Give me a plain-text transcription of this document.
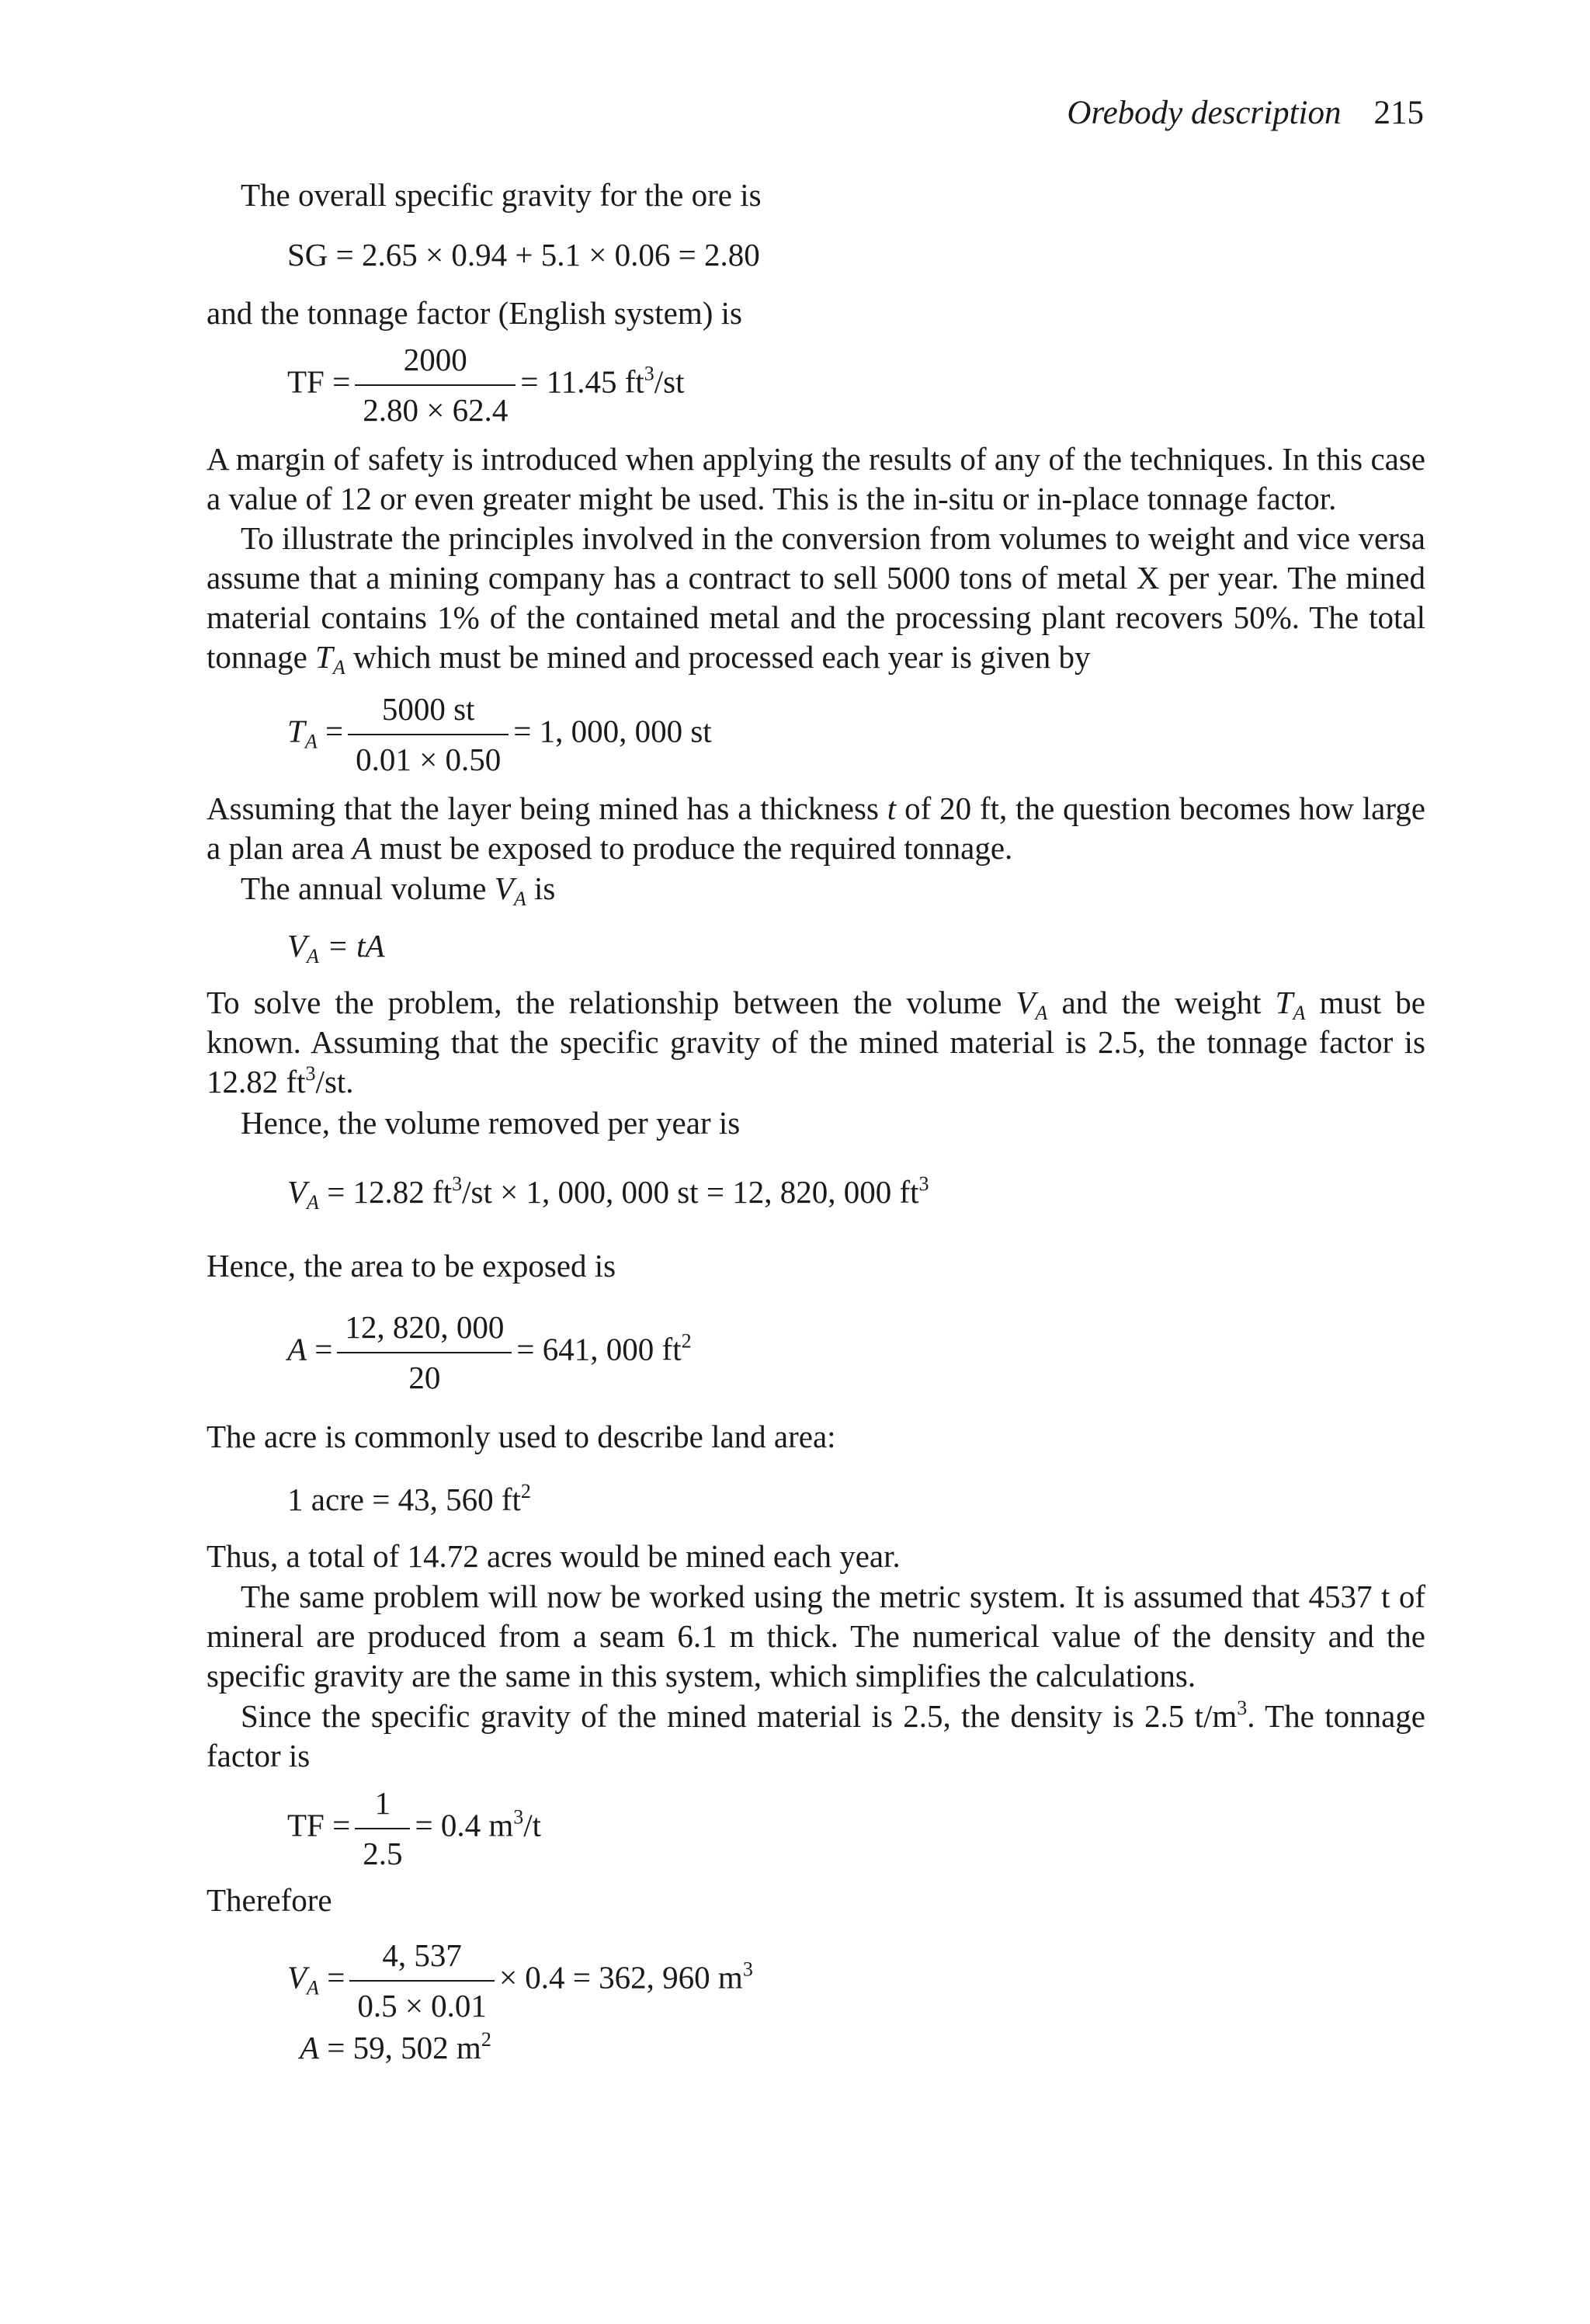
Orebody description 215
The overall specific gravity for the ore is
SG = 2.65 × 0.94 + 5.1 × 0.06 = 2.80
and the tonnage factor (English system) is
TF = $\frac{2000}{2.80 \times 62.4} = 11.45$ $ft^3/st$
A margin of safety is introduced when applying the results of any of the techniques. In this case a value of 12 or even greater might be used. This is the in-situ or in-place tonnage factor.
To illustrate the principles involved in the conversion from volumes to weight and vice versa assume that a mining company has a contract to sell 5000 tons of metal X per year. The mined material contains 1% of the contained metal and the processing plant recovers 50%. The total tonnage $T_A$ which must be mined and processed each year is given by
$T_A = \frac{5000 st}{0.01 \times 0.50} = 1$, 000, 000 st
Assuming that the layer being mined has a thickness t of 20 ft, the question becomes how large a plan area A must be exposed to produce the required tonnage.
The annual volume $V_A$ is
$V_A$ = tA
To solve the problem, the relationship between the volume $V_A$ and the weight $T_A$ must be known. Assuming that the specific gravity of the mined material is 2.5, the tonnage factor is 12.82 $ft^3/st$.
Hence, the volume removed per year is
$V_A = 12.82$ $ft^3/st \times 1$, 000, 000 st = 12, 820, 000 $ft^3$
Hence, the area to be exposed is
$A = \frac{12, 820, 000}{20} = 641$, 000 $ft^2$
The acre is commonly used to describe land area:
1 acre = 43, 560 $ft^2$
Thus, a total of 14.72 acres would be mined each year.
The same problem will now be worked using the metric system. It is assumed that 4537 t of mineral are produced from a seam 6.1 m thick. The numerical value of the density and the specific gravity are the same in this system, which simplifies the calculations.
Since the specific gravity of the mined material is 2.5, the density is 2.5 $t/m^3$. The tonnage factor is
TF = $\frac{1}{2.5} = 0.4$ $m^3/t$
Therefore
$V_A = \frac{4, 537}{0.5 \times 0.01} \times 0.4 = 362$, 960 $m^3$
A = 59, 502 $m^2$
